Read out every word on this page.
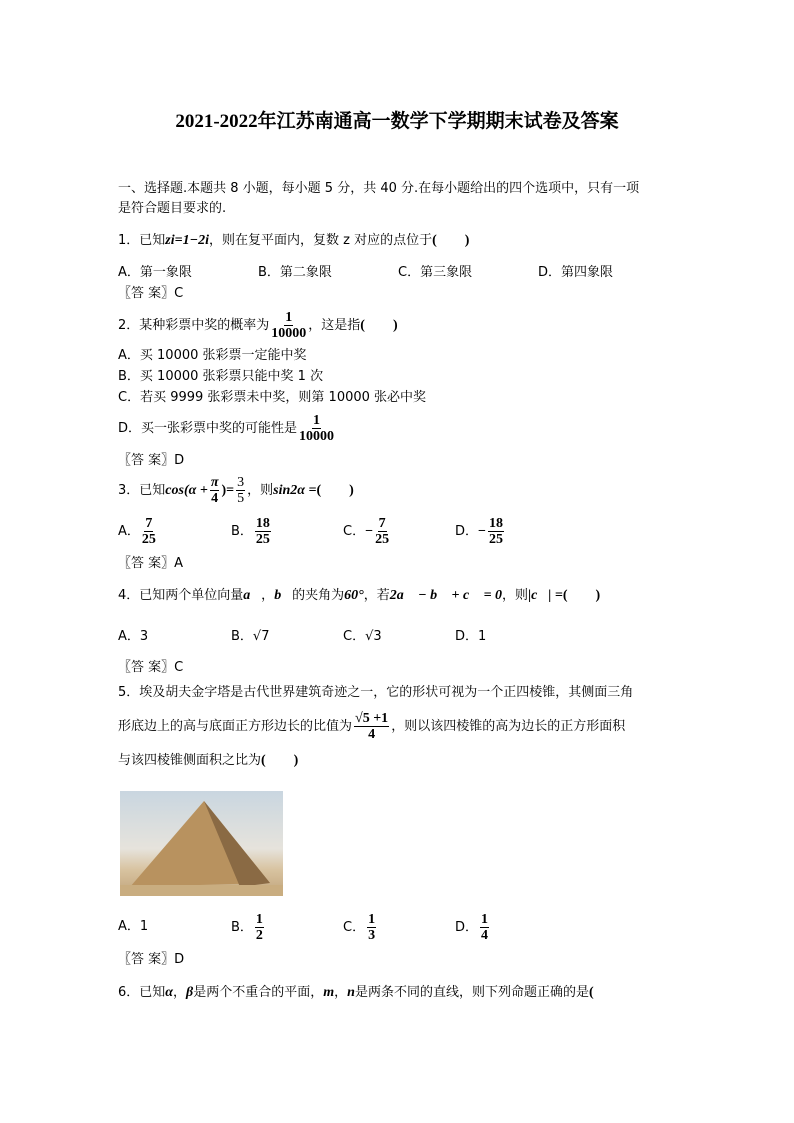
2021-2022年江苏南通高一数学下学期期末试卷及答案
一、选择题.本题共 8 小题，每小题 5 分，共 40 分.在每小题给出的四个选项中，只有一项
是符合题目要求的.
1．已知zi=1−2i，则在复平面内，复数 z 对应的点位于(　　)
A．第一象限	B．第二象限	C．第三象限	D．第四象限
〖答 案〗C
2．某种彩票中奖的概率为 $\frac{1}{10000}$ ，这是指(　　)
A．买 10000 张彩票一定能中奖
B．买 10000 张彩票只能中奖 1 次
C．若买 9999 张彩票未中奖，则第 10000 张必中奖
D．买一张彩票中奖的可能性是 $\frac{1}{10000}$
〖答 案〗D
3．已知$\cos(\alpha + \frac{\pi}{4}$ )= $\frac{3}{5}$ ，则sin2α =(　　)
A． $\frac{7}{25}$	B． $\frac{18}{25}$	C．− $\frac{7}{25}$	D．− $\frac{18}{25}$
〖答 案〗A
4．已知两个单位向量a⃗，b⃗的夹角为60°，若2a⃗ − b⃗ + c⃗ = 0，则|c⃗| =(　　)
A．3	B．√7	C．√3	D．1
〖答 案〗C
5．埃及胡夫金字塔是古代世界建筑奇迹之一，它的形状可视为一个正四棱锥，其侧面三角
形底边上的高与底面正方形边长的比值为 $\frac{√5 +1}{4}$ ，则以该四棱锥的高为边长的正方形面积
与该四棱锥侧面积之比为(　　)
A．1	B． $\frac{1}{2}$	C． $\frac{1}{3}$	D． $\frac{1}{4}$
〖答 案〗D
6．已知α，β是两个不重合的平面，m，n是两条不同的直线，则下列命题正确的是(
